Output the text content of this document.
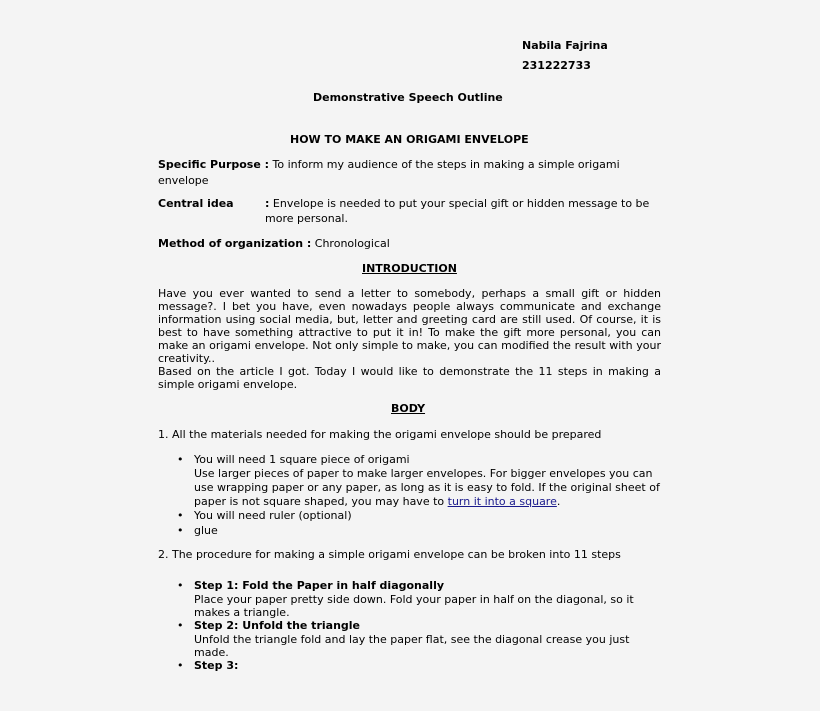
Nabila Fajrina
231222733
Demonstrative Speech Outline
HOW TO MAKE AN ORIGAMI ENVELOPE
Specific Purpose : To inform my audience of the steps in making a simple origami
envelope
Central idea	: Envelope is needed to put your special gift or hidden message to be
more personal.
Method of organization : Chronological
INTRODUCTION
Have you ever wanted to send a letter to somebody, perhaps a small gift or hidden
message?. I bet you have, even nowadays people always communicate and exchange
information using social media, but, letter and greeting card are still used. Of course, it is
best to have something attractive to put it in! To make the gift more personal, you can
make an origami envelope. Not only simple to make, you can modified the result with your
creativity..
Based on the article I got. Today I would like to demonstrate the 11 steps in making a
simple origami envelope.
BODY
1. All the materials needed for making the origami envelope should be prepared
• You will need 1 square piece of origami
Use larger pieces of paper to make larger envelopes. For bigger envelopes you can
use wrapping paper or any paper, as long as it is easy to fold. If the original sheet of
paper is not square shaped, you may have to turn it into a square.
• You will need ruler (optional)
• glue
2. The procedure for making a simple origami envelope can be broken into 11 steps
• Step 1: Fold the Paper in half diagonally
Place your paper pretty side down. Fold your paper in half on the diagonal, so it
makes a triangle.
• Step 2: Unfold the triangle
Unfold the triangle fold and lay the paper flat, see the diagonal crease you just
made.
• Step 3:
